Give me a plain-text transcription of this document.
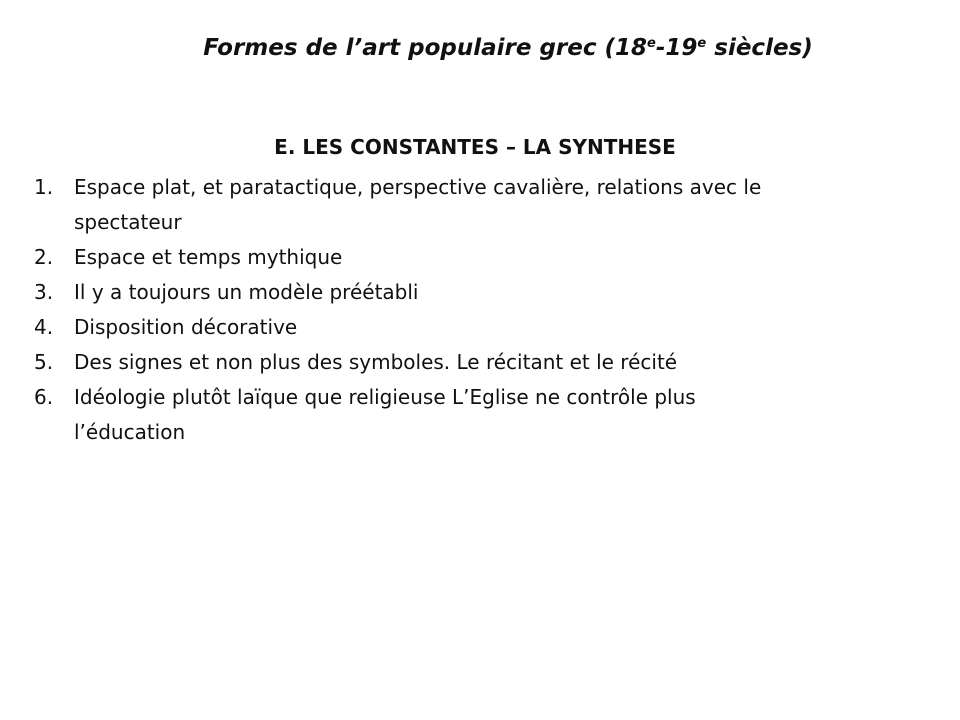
Formes de l’art populaire grec (18e-19e siècles)
E. LES CONSTANTES – LA SYNTHESE
1. Espace plat, et paratactique, perspective cavalière, relations avec le
spectateur
2. Espace et temps mythique
3. Il y a toujours un modèle préétabli
4. Disposition décorative
5. Des signes et non plus des symboles. Le récitant et le récité
6. Idéologie plutôt laïque que religieuse L’Eglise ne contrôle plus
l’éducation
